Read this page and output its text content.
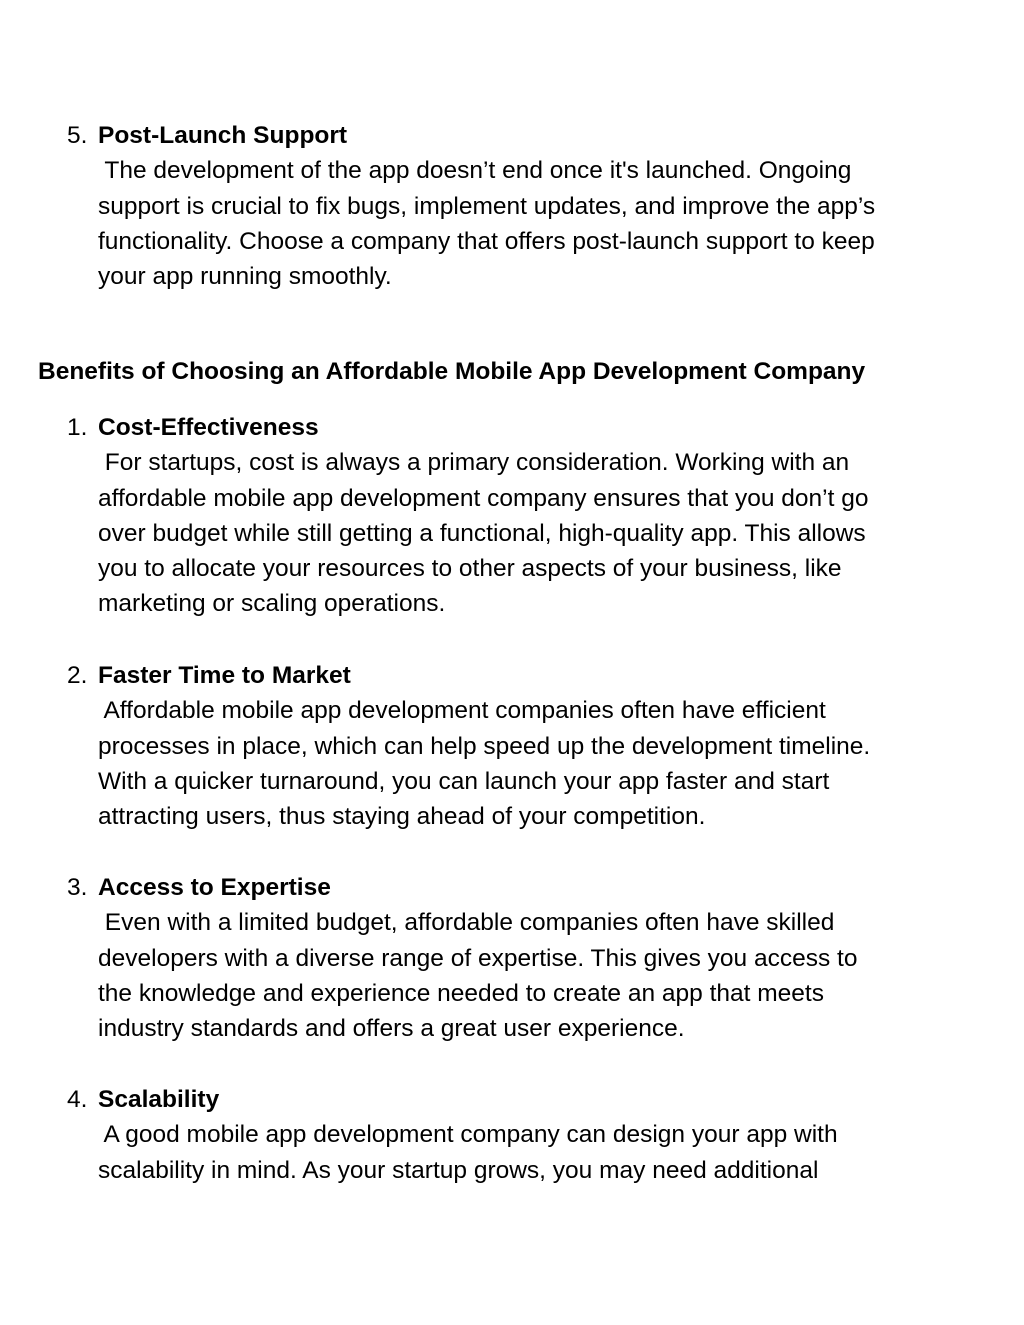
5. Post-Launch Support
The development of the app doesn’t end once it's launched. Ongoing
support is crucial to fix bugs, implement updates, and improve the app’s
functionality. Choose a company that offers post-launch support to keep
your app running smoothly.
Benefits of Choosing an Affordable Mobile App Development Company
1. Cost-Effectiveness
For startups, cost is always a primary consideration. Working with an
affordable mobile app development company ensures that you don’t go
over budget while still getting a functional, high-quality app. This allows
you to allocate your resources to other aspects of your business, like
marketing or scaling operations.
2. Faster Time to Market
Affordable mobile app development companies often have efficient
processes in place, which can help speed up the development timeline.
With a quicker turnaround, you can launch your app faster and start
attracting users, thus staying ahead of your competition.
3. Access to Expertise
Even with a limited budget, affordable companies often have skilled
developers with a diverse range of expertise. This gives you access to
the knowledge and experience needed to create an app that meets
industry standards and offers a great user experience.
4. Scalability
A good mobile app development company can design your app with
scalability in mind. As your startup grows, you may need additional
